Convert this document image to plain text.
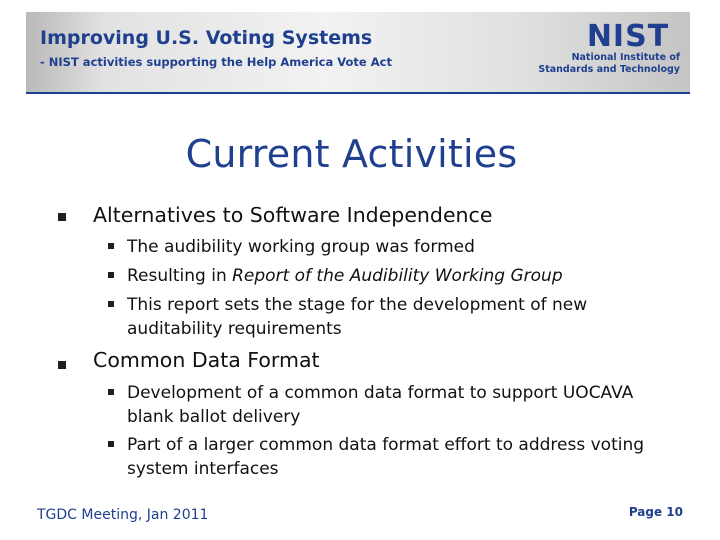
Improving U.S. Voting Systems
- NIST activities supporting the Help America Vote Act
NIST
National Institute of
Standards and Technology
Current Activities
Alternatives to Software Independence
The audibility working group was formed
Resulting in Report of the Audibility Working Group
This report sets the stage for the development of new auditability requirements
Common Data Format
Development of a common data format to support UOCAVA blank ballot delivery
Part of a larger common data format effort to address voting system interfaces
TGDC Meeting, Jan 2011	Page 10
